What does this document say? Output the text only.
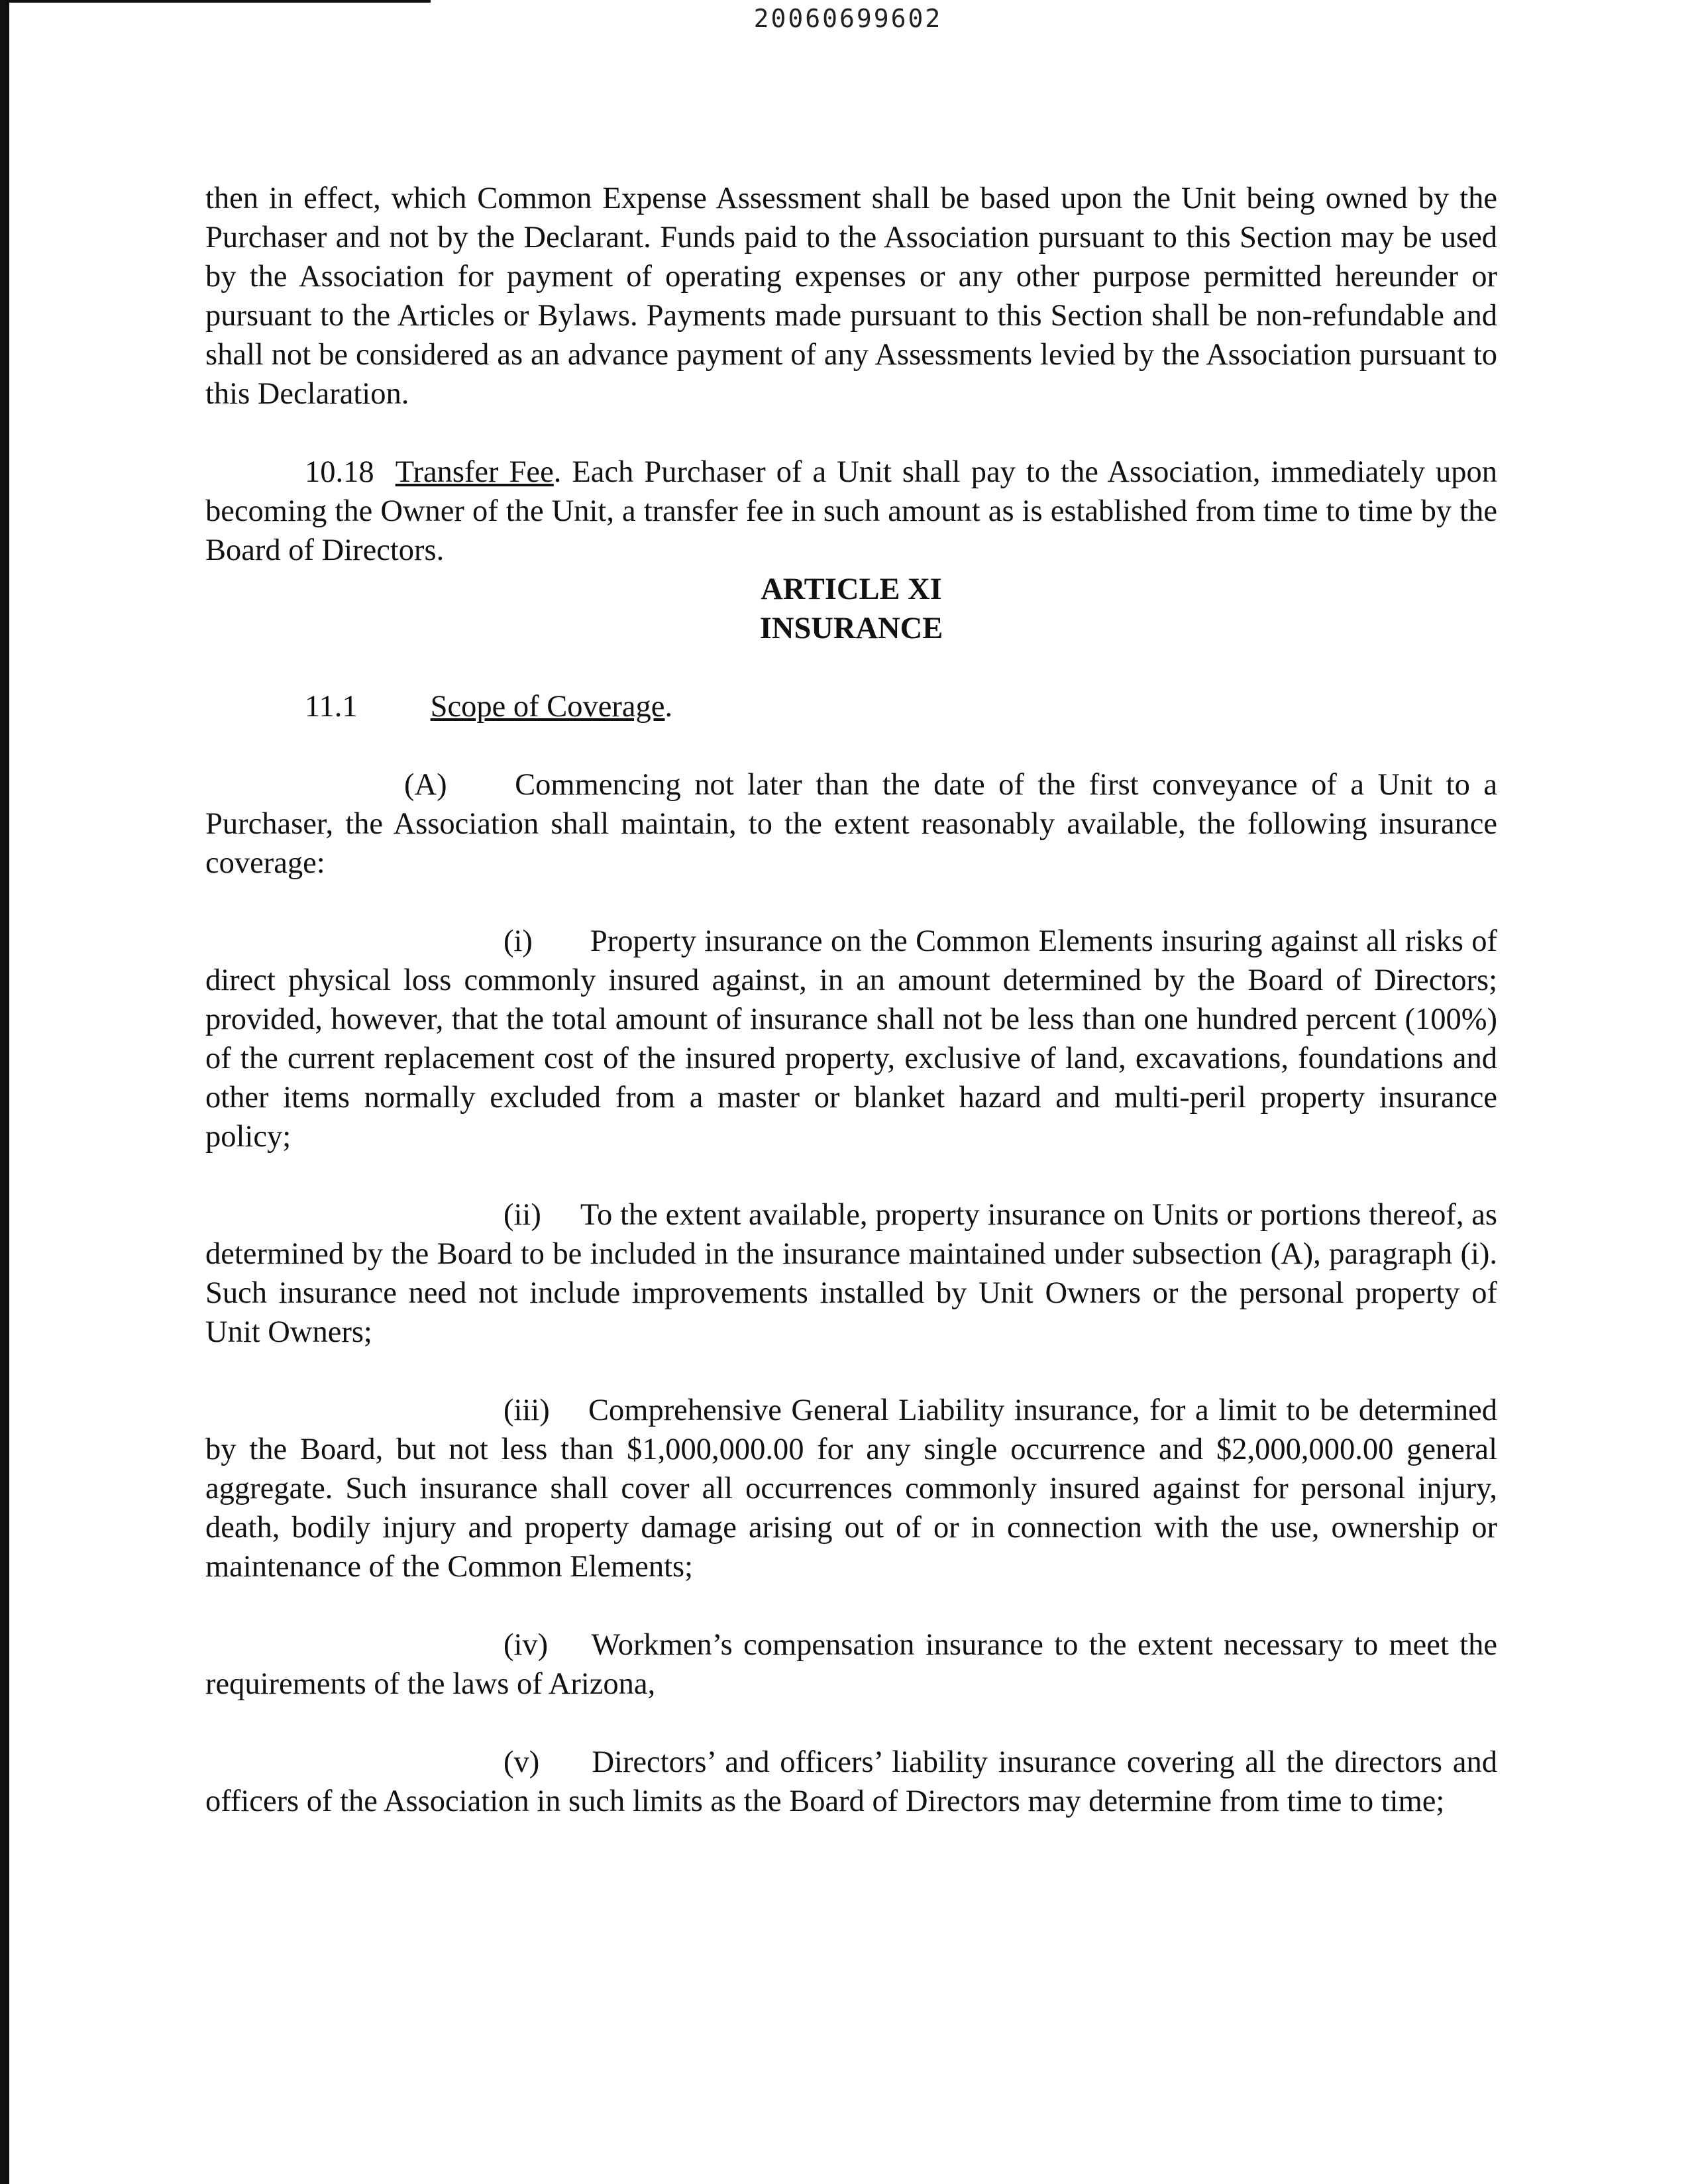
20060699602

then in effect, which Common Expense Assessment shall be based upon the Unit being owned by the Purchaser and not by the Declarant. Funds paid to the Association pursuant to this Section may be used by the Association for payment of operating expenses or any other purpose permitted hereunder or pursuant to the Articles or Bylaws. Payments made pursuant to this Section shall be non-refundable and shall not be considered as an advance payment of any Assessments levied by the Association pursuant to this Declaration.

10.18 Transfer Fee. Each Purchaser of a Unit shall pay to the Association, immediately upon becoming the Owner of the Unit, a transfer fee in such amount as is established from time to time by the Board of Directors.

ARTICLE XI

INSURANCE

11.1 Scope of Coverage.

(A) Commencing not later than the date of the first conveyance of a Unit to a Purchaser, the Association shall maintain, to the extent reasonably available, the following insurance coverage:

(i) Property insurance on the Common Elements insuring against all risks of direct physical loss commonly insured against, in an amount determined by the Board of Directors; provided, however, that the total amount of insurance shall not be less than one hundred percent (100%) of the current replacement cost of the insured property, exclusive of land, excavations, foundations and other items normally excluded from a master or blanket hazard and multi-peril property insurance policy;

(ii) To the extent available, property insurance on Units or portions thereof, as determined by the Board to be included in the insurance maintained under subsection (A), paragraph (i). Such insurance need not include improvements installed by Unit Owners or the personal property of Unit Owners;

(iii) Comprehensive General Liability insurance, for a limit to be determined by the Board, but not less than $1,000,000.00 for any single occurrence and $2,000,000.00 general aggregate. Such insurance shall cover all occurrences commonly insured against for personal injury, death, bodily injury and property damage arising out of or in connection with the use, ownership or maintenance of the Common Elements;

(iv) Workmen’s compensation insurance to the extent necessary to meet the requirements of the laws of Arizona,

(v) Directors’ and officers’ liability insurance covering all the directors and officers of the Association in such limits as the Board of Directors may determine from time to time;
